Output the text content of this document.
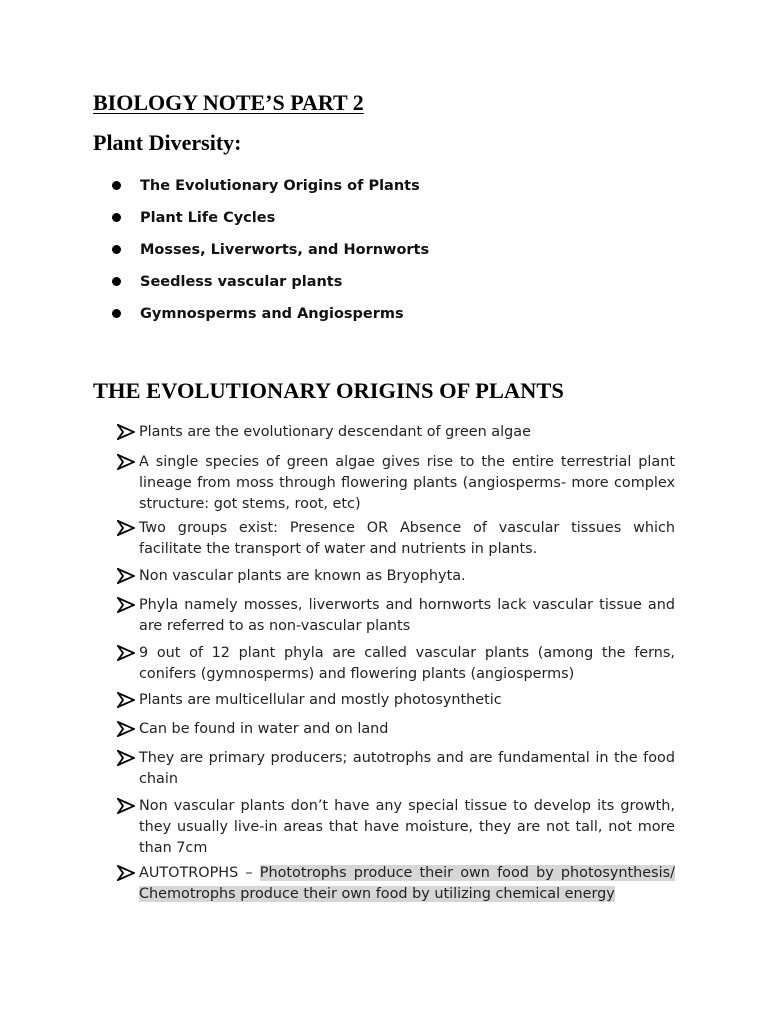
BIOLOGY NOTE’S PART 2
Plant Diversity:
The Evolutionary Origins of Plants
Plant Life Cycles
Mosses, Liverworts, and Hornworts
Seedless vascular plants
Gymnosperms and Angiosperms
THE EVOLUTIONARY ORIGINS OF PLANTS

Plants are the evolutionary descendant of green algae

A single species of green algae gives rise to the entire terrestrial plant lineage from moss through flowering plants (angiosperms- more complex structure: got stems, root, etc)

Two groups exist: Presence OR Absence of vascular tissues which facilitate the transport of water and nutrients in plants.

Non vascular plants are known as Bryophyta.

Phyla namely mosses, liverworts and hornworts lack vascular tissue and are referred to as non-vascular plants

9 out of 12 plant phyla are called vascular plants (among the ferns, conifers (gymnosperms) and flowering plants (angiosperms)

Plants are multicellular and mostly photosynthetic

Can be found in water and on land

They are primary producers; autotrophs and are fundamental in the food chain

Non vascular plants don’t have any special tissue to develop its growth, they usually live-in areas that have moisture, they are not tall, not more than 7cm

AUTOTROPHS – Phototrophs produce their own food by photosynthesis/ Chemotrophs produce their own food by utilizing chemical energy
